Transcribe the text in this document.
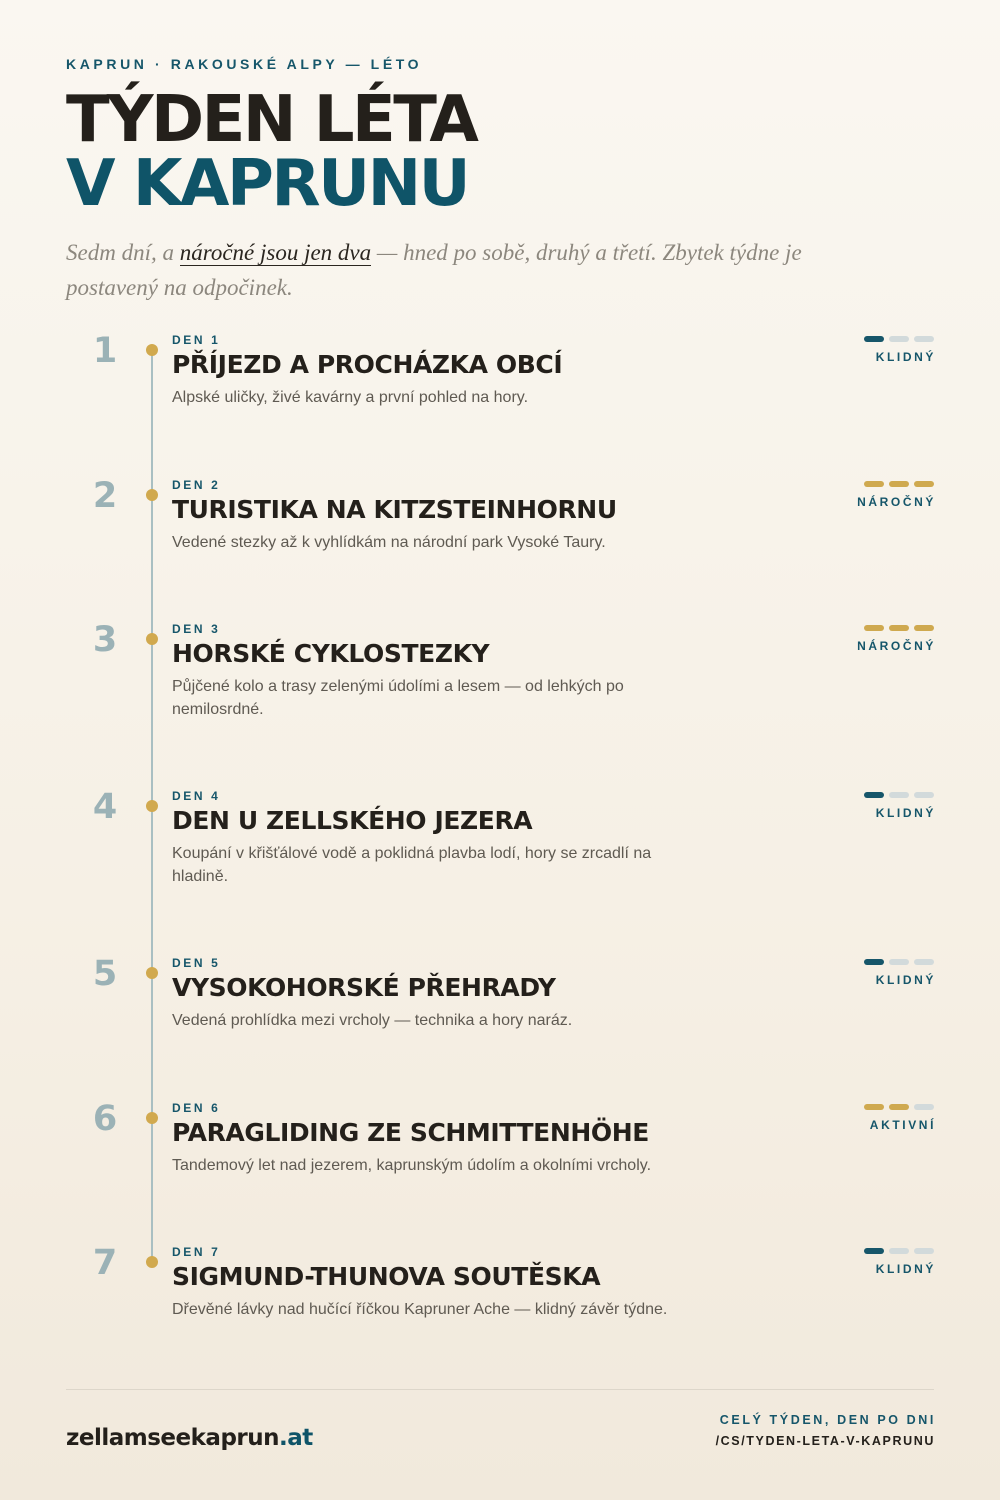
KAPRUN · RAKOUSKÉ ALPY — LÉTO
TÝDEN LÉTA
V KAPRUNU

Sedm dní, a náročné jsou jen dva — hned po sobě, druhý a třetí. Zbytek týdne je postavený na odpočinek.

1	DEN 1
PŘÍJEZD A PROCHÁZKA OBCÍ

Alpské uličky, živé kavárny a první pohled na hory.

KLIDNÝ
2	DEN 2
TURISTIKA NA KITZSTEINHORNU

Vedené stezky až k vyhlídkám na národní park Vysoké Taury.

NÁROČNÝ
3	DEN 3
HORSKÉ CYKLOSTEZKY

Půjčené kolo a trasy zelenými údolími a lesem — od lehkých po nemilosrdné.

NÁROČNÝ
4	DEN 4
DEN U ZELLSKÉHO JEZERA

Koupání v křišťálové vodě a poklidná plavba lodí, hory se zrcadlí na hladině.

KLIDNÝ
5	DEN 5
VYSOKOHORSKÉ PŘEHRADY

Vedená prohlídka mezi vrcholy — technika a hory naráz.

KLIDNÝ
6	DEN 6
PARAGLIDING ZE SCHMITTENHÖHE

Tandemový let nad jezerem, kaprunským údolím a okolními vrcholy.

AKTIVNÍ
7	DEN 7
SIGMUND-THUNOVA SOUTĚSKA

Dřevěné lávky nad hučící říčkou Kapruner Ache — klidný závěr týdne.

KLIDNÝ
zellamseekaprun.at
CELÝ TÝDEN, DEN PO DNI
/CS/TYDEN-LETA-V-KAPRUNU
